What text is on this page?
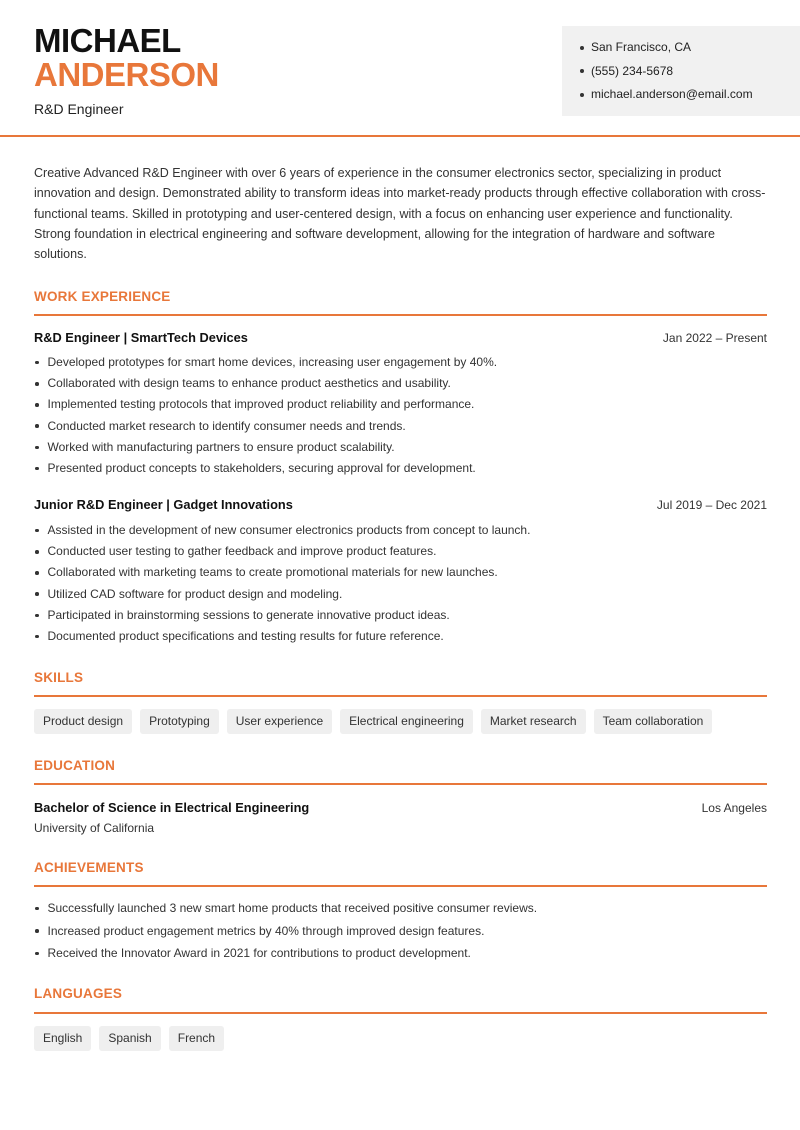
MICHAEL
ANDERSON
R&D Engineer
San Francisco, CA
(555) 234-5678
michael.anderson@email.com

Creative Advanced R&D Engineer with over 6 years of experience in the consumer electronics sector, specializing in product innovation and design. Demonstrated ability to transform ideas into market-ready products through effective collaboration with cross-functional teams. Skilled in prototyping and user-centered design, with a focus on enhancing user experience and functionality. Strong foundation in electrical engineering and software development, allowing for the integration of hardware and software solutions.

WORK EXPERIENCE
R&D Engineer | SmartTech Devices	Jan 2022 – Present
Developed prototypes for smart home devices, increasing user engagement by 40%.
Collaborated with design teams to enhance product aesthetics and usability.
Implemented testing protocols that improved product reliability and performance.
Conducted market research to identify consumer needs and trends.
Worked with manufacturing partners to ensure product scalability.
Presented product concepts to stakeholders, securing approval for development.
Junior R&D Engineer | Gadget Innovations	Jul 2019 – Dec 2021
Assisted in the development of new consumer electronics products from concept to launch.
Conducted user testing to gather feedback and improve product features.
Collaborated with marketing teams to create promotional materials for new launches.
Utilized CAD software for product design and modeling.
Participated in brainstorming sessions to generate innovative product ideas.
Documented product specifications and testing results for future reference.
SKILLS
Product design	Prototyping	User experience	Electrical engineering	Market research	Team collaboration
EDUCATION
Bachelor of Science in Electrical Engineering	Los Angeles
University of California
ACHIEVEMENTS
Successfully launched 3 new smart home products that received positive consumer reviews.
Increased product engagement metrics by 40% through improved design features.
Received the Innovator Award in 2021 for contributions to product development.
LANGUAGES
English	Spanish	French
